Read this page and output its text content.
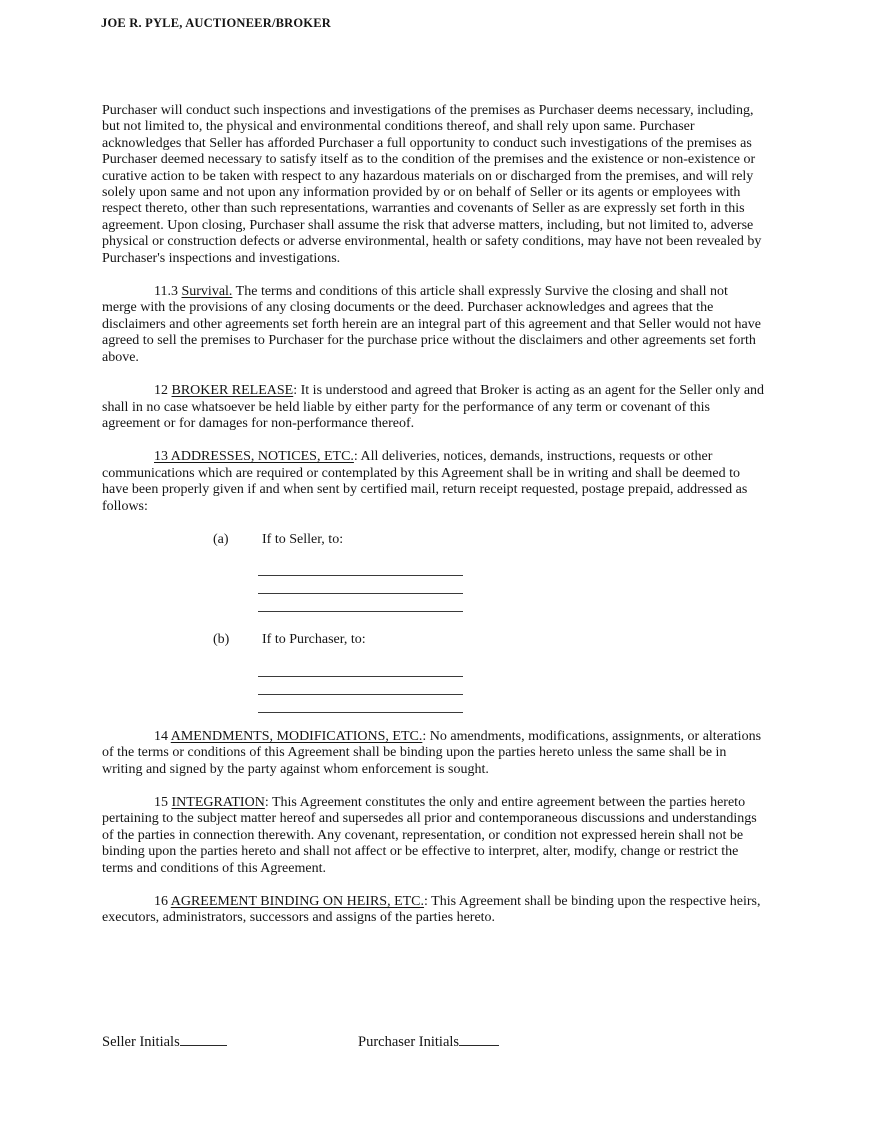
JOE R. PYLE, AUCTIONEER/BROKER

Purchaser will conduct such inspections and investigations of the premises as Purchaser deems necessary, including, but not limited to, the physical and environmental conditions thereof, and shall rely upon same. Purchaser acknowledges that Seller has afforded Purchaser a full opportunity to conduct such investigations of the premises as Purchaser deemed necessary to satisfy itself as to the condition of the premises and the existence or non-existence or curative action to be taken with respect to any hazardous materials on or discharged from the premises, and will rely solely upon same and not upon any information provided by or on behalf of Seller or its agents or employees with respect thereto, other than such representations, warranties and covenants of Seller as are expressly set forth in this agreement. Upon closing, Purchaser shall assume the risk that adverse matters, including, but not limited to, adverse physical or construction defects or adverse environmental, health or safety conditions, may have not been revealed by Purchaser's inspections and investigations.

11.3 Survival. The terms and conditions of this article shall expressly Survive the closing and shall not merge with the provisions of any closing documents or the deed. Purchaser acknowledges and agrees that the disclaimers and other agreements set forth herein are an integral part of this agreement and that Seller would not have agreed to sell the premises to Purchaser for the purchase price without the disclaimers and other agreements set forth above.

12 BROKER RELEASE: It is understood and agreed that Broker is acting as an agent for the Seller only and shall in no case whatsoever be held liable by either party for the performance of any term or covenant of this agreement or for damages for non-performance thereof.

13 ADDRESSES, NOTICES, ETC.: All deliveries, notices, demands, instructions, requests or other communications which are required or contemplated by this Agreement shall be in writing and shall be deemed to have been properly given if and when sent by certified mail, return receipt requested, postage prepaid, addressed as follows:

(a) If to Seller, to:
(b) If to Purchaser, to:

14 AMENDMENTS, MODIFICATIONS, ETC.: No amendments, modifications, assignments, or alterations of the terms or conditions of this Agreement shall be binding upon the parties hereto unless the same shall be in writing and signed by the party against whom enforcement is sought.

15 INTEGRATION: This Agreement constitutes the only and entire agreement between the parties hereto pertaining to the subject matter hereof and supersedes all prior and contemporaneous discussions and understandings of the parties in connection therewith. Any covenant, representation, or condition not expressed herein shall not be binding upon the parties hereto and shall not affect or be effective to interpret, alter, modify, change or restrict the terms and conditions of this Agreement.

16 AGREEMENT BINDING ON HEIRS, ETC.: This Agreement shall be binding upon the respective heirs, executors, administrators, successors and assigns of the parties hereto.

Seller Initials	Purchaser Initials
